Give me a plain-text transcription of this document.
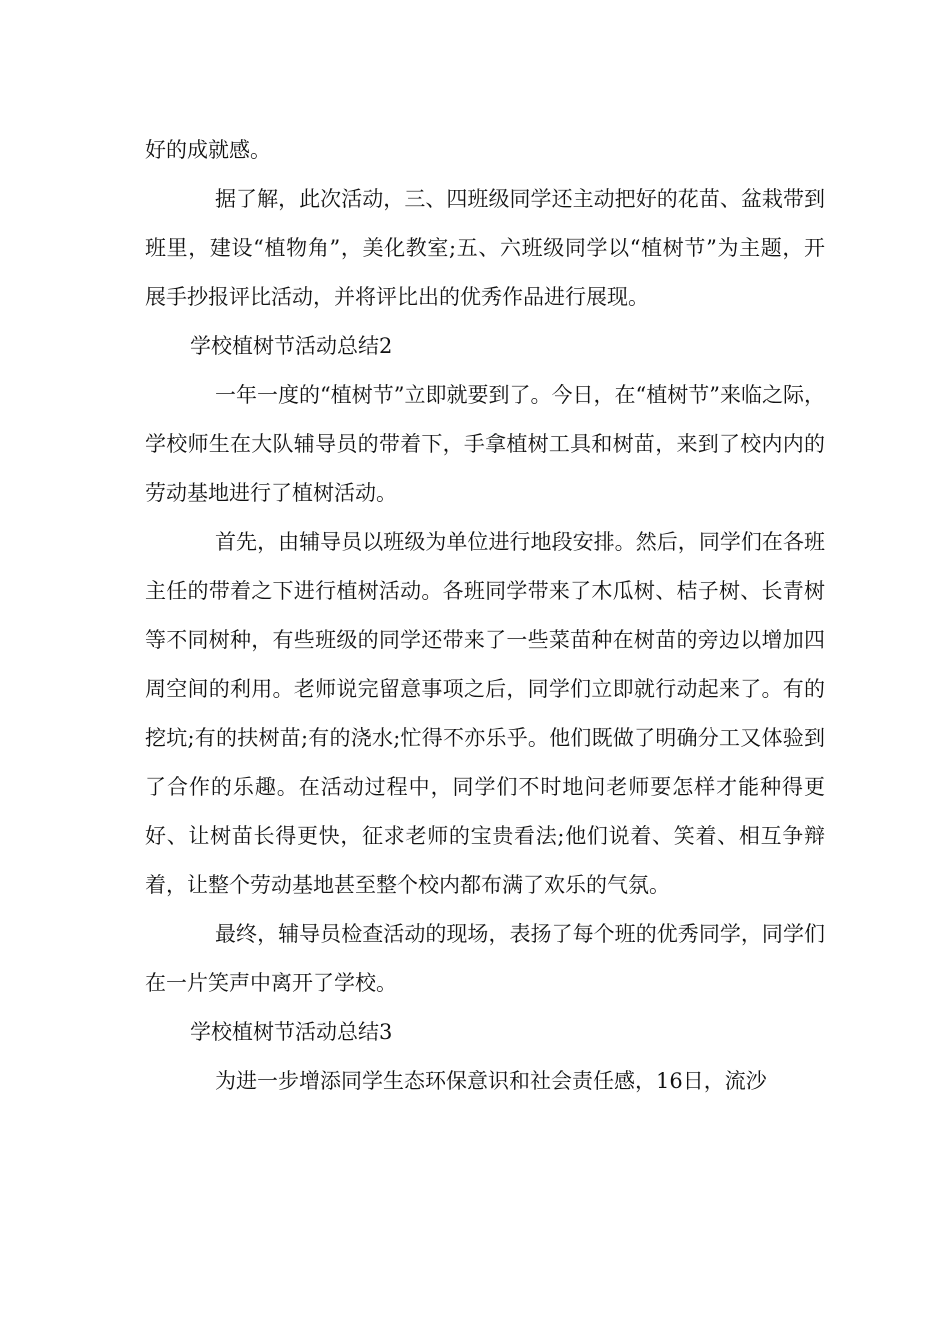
好的成就感。

据了解，此次活动，三、四班级同学还主动把好的花苗、盆栽带到班里，建设“植物角”，美化教室;五、六班级同学以“植树节”为主题，开展手抄报评比活动，并将评比出的优秀作品进行展现。

学校植树节活动总结2

一年一度的“植树节”立即就要到了。今日，在“植树节”来临之际，学校师生在大队辅导员的带着下，手拿植树工具和树苗，来到了校内内的劳动基地进行了植树活动。

首先，由辅导员以班级为单位进行地段安排。然后，同学们在各班主任的带着之下进行植树活动。各班同学带来了木瓜树、桔子树、长青树等不同树种，有些班级的同学还带来了一些菜苗种在树苗的旁边以增加四周空间的利用。老师说完留意事项之后，同学们立即就行动起来了。有的挖坑;有的扶树苗;有的浇水;忙得不亦乐乎。他们既做了明确分工又体验到了合作的乐趣。在活动过程中，同学们不时地问老师要怎样才能种得更好、让树苗长得更快，征求老师的宝贵看法;他们说着、笑着、相互争辩着，让整个劳动基地甚至整个校内都布满了欢乐的气氛。

最终，辅导员检查活动的现场，表扬了每个班的优秀同学，同学们在一片笑声中离开了学校。

学校植树节活动总结3

为进一步增添同学生态环保意识和社会责任感，16日，流沙
